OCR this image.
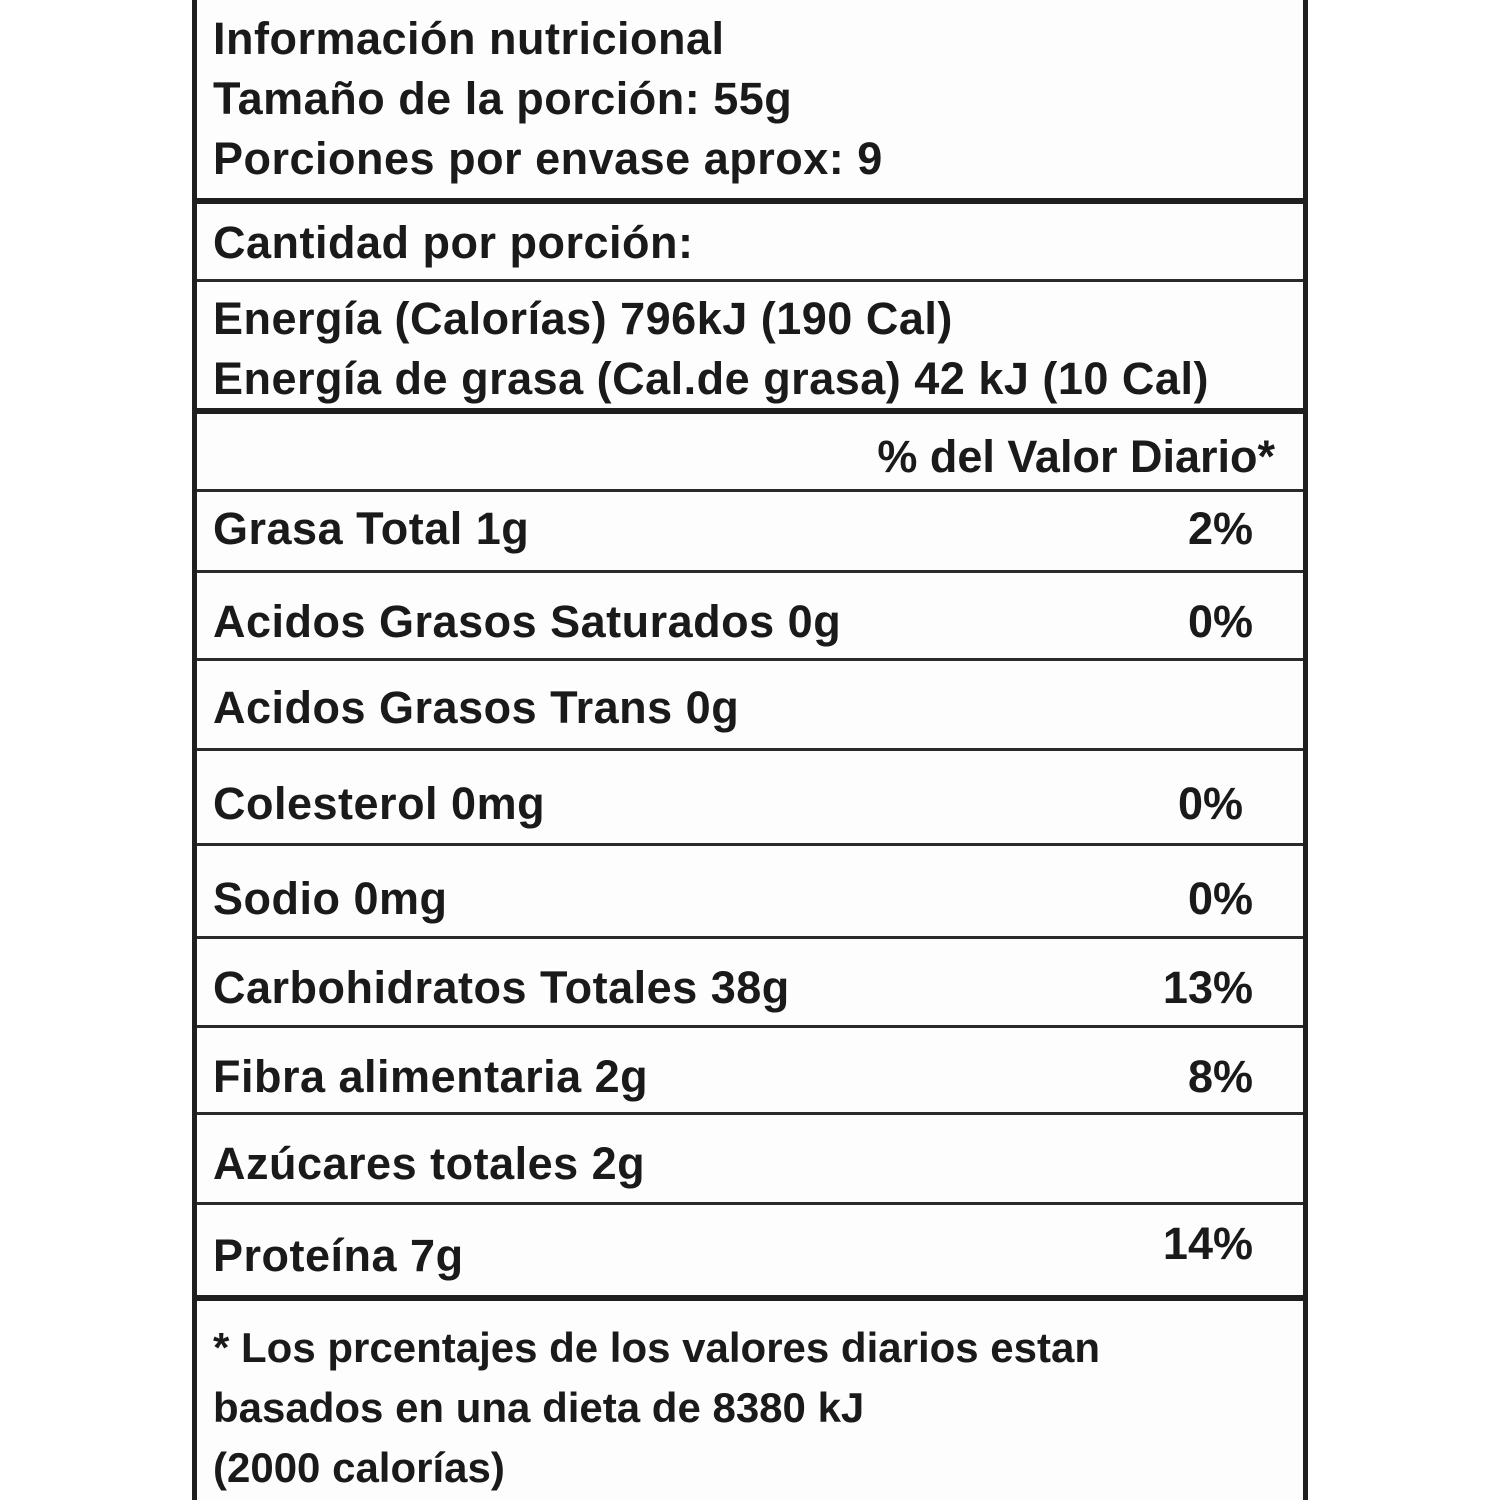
Información nutricional
Tamaño de la porción: 55g
Porciones por envase aprox: 9
Cantidad por porción:
Energía (Calorías) 796kJ (190 Cal)
Energía de grasa (Cal.de grasa) 42 kJ (10 Cal)
% del Valor Diario*
Grasa Total 1g	2%
Acidos Grasos Saturados 0g	0%
Acidos Grasos Trans 0g
Colesterol 0mg	0%
Sodio 0mg	0%
Carbohidratos Totales 38g	13%
Fibra alimentaria 2g	8%
Azúcares totales 2g
Proteína 7g	14%
* Los prcentajes de los valores diarios estan
basados en una dieta de 8380 kJ
(2000 calorías)
